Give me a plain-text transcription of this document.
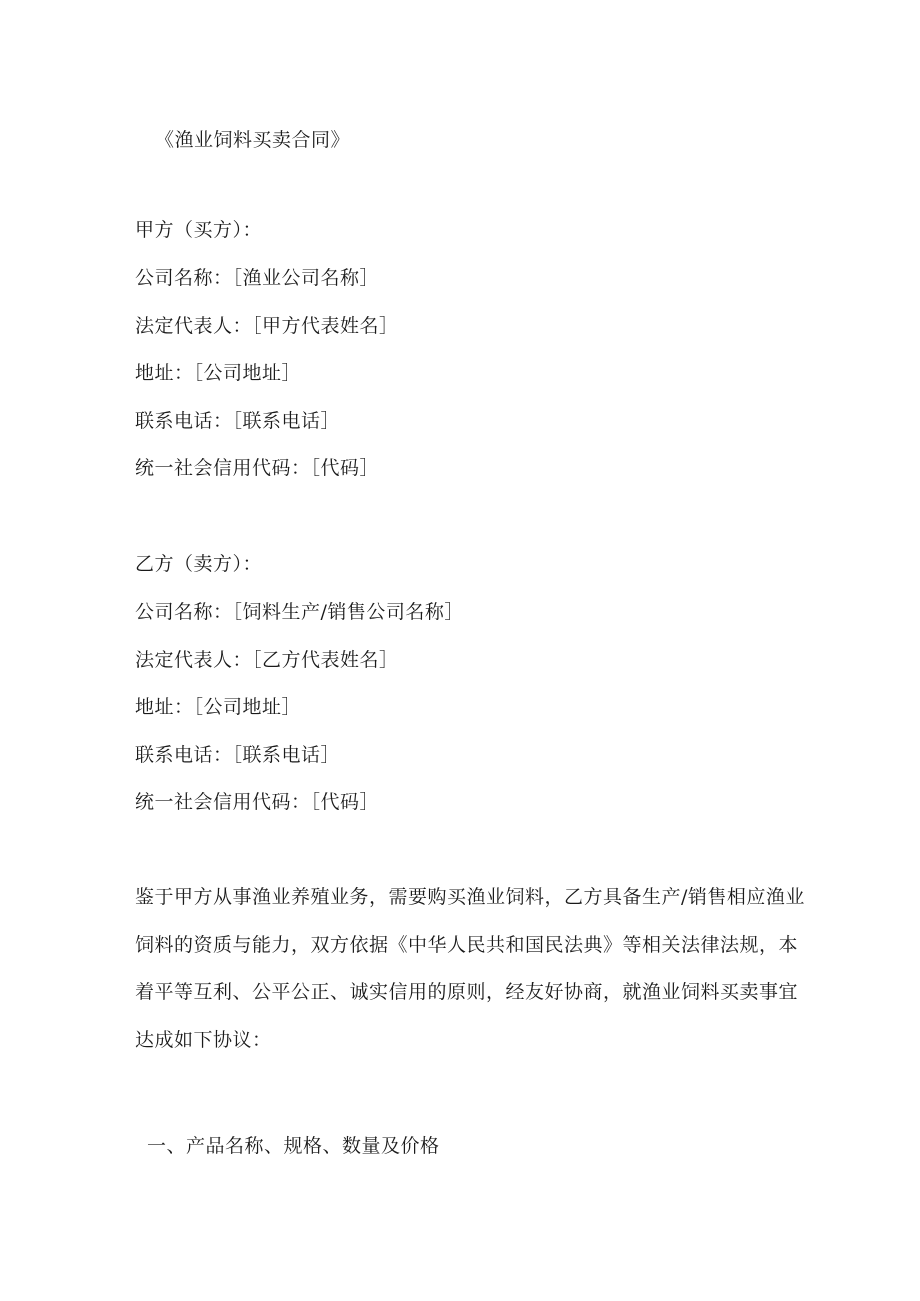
《渔业饲料买卖合同》
甲方（买方）：
公司名称：［渔业公司名称］
法定代表人：［甲方代表姓名］
地址：［公司地址］
联系电话：［联系电话］
统一社会信用代码：［代码］
乙方（卖方）：
公司名称：［饲料生产/销售公司名称］
法定代表人：［乙方代表姓名］
地址：［公司地址］
联系电话：［联系电话］
统一社会信用代码：［代码］
鉴于甲方从事渔业养殖业务，需要购买渔业饲料，乙方具备生产/销售相应渔业
饲料的资质与能力，双方依据《中华人民共和国民法典》等相关法律法规，本
着平等互利、公平公正、诚实信用的原则，经友好协商，就渔业饲料买卖事宜
达成如下协议：
一、产品名称、规格、数量及价格
